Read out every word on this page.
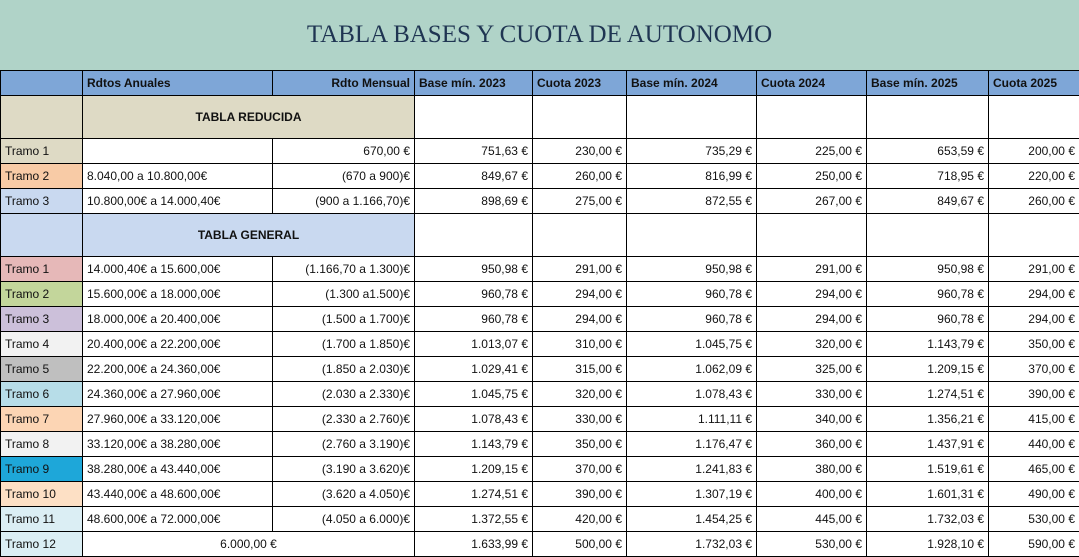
TABLA BASES Y CUOTA DE AUTONOMO
	Rdtos Anuales	Rdto Mensual	Base mín. 2023	Cuota 2023	Base mín. 2024	Cuota 2024	Base mín. 2025	Cuota 2025
	TABLA REDUCIDA							
Tramo 1		670,00 €	751,63 €	230,00 €	735,29 €	225,00 €	653,59 €	200,00 €
Tramo 2	8.040,00 a 10.800,00€	(670 a 900)€	849,67 €	260,00 €	816,99 €	250,00 €	718,95 €	220,00 €
Tramo 3	10.800,00€ a 14.000,40€	(900 a 1.166,70)€	898,69 €	275,00 €	872,55 €	267,00 €	849,67 €	260,00 €
	TABLA GENERAL							
Tramo 1	14.000,40€ a 15.600,00€	(1.166,70 a 1.300)€	950,98 €	291,00 €	950,98 €	291,00 €	950,98 €	291,00 €
Tramo 2	15.600,00€ a 18.000,00€	(1.300 a1.500)€	960,78 €	294,00 €	960,78 €	294,00 €	960,78 €	294,00 €
Tramo 3	18.000,00€ a 20.400,00€	(1.500 a 1.700)€	960,78 €	294,00 €	960,78 €	294,00 €	960,78 €	294,00 €
Tramo 4	20.400,00€ a 22.200,00€	(1.700 a 1.850)€	1.013,07 €	310,00 €	1.045,75 €	320,00 €	1.143,79 €	350,00 €
Tramo 5	22.200,00€ a 24.360,00€	(1.850 a 2.030)€	1.029,41 €	315,00 €	1.062,09 €	325,00 €	1.209,15 €	370,00 €
Tramo 6	24.360,00€ a 27.960,00€	(2.030 a 2.330)€	1.045,75 €	320,00 €	1.078,43 €	330,00 €	1.274,51 €	390,00 €
Tramo 7	27.960,00€ a 33.120,00€	(2.330 a 2.760)€	1.078,43 €	330,00 €	1.111,11 €	340,00 €	1.356,21 €	415,00 €
Tramo 8	33.120,00€ a 38.280,00€	(2.760 a 3.190)€	1.143,79 €	350,00 €	1.176,47 €	360,00 €	1.437,91 €	440,00 €
Tramo 9	38.280,00€ a 43.440,00€	(3.190 a 3.620)€	1.209,15 €	370,00 €	1.241,83 €	380,00 €	1.519,61 €	465,00 €
Tramo 10	43.440,00€ a 48.600,00€	(3.620 a 4.050)€	1.274,51 €	390,00 €	1.307,19 €	400,00 €	1.601,31 €	490,00 €
Tramo 11	48.600,00€ a 72.000,00€	(4.050 a 6.000)€	1.372,55 €	420,00 €	1.454,25 €	445,00 €	1.732,03 €	530,00 €
Tramo 12	6.000,00 €		1.633,99 €	500,00 €	1.732,03 €	530,00 €	1.928,10 €	590,00 €
